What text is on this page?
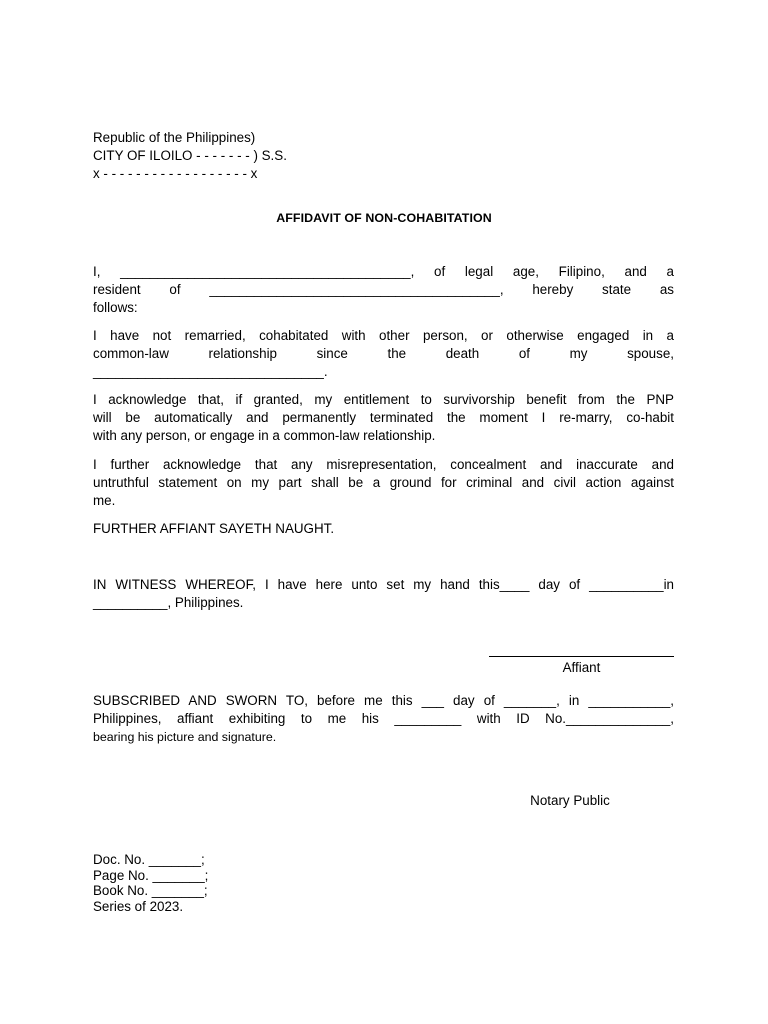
Republic of the Philippines)
CITY OF ILOILO - - - - - - - ) S.S.
x - - - - - - - - - - - - - - - - - - x
AFFIDAVIT OF NON-COHABITATION
I, _______________________________________, of legal age, Filipino, and a
resident of _______________________________________, hereby state as
follows:
I have not remarried, cohabitated with other person, or otherwise engaged in a
common-law relationship since the death of my spouse,
_______________________________.
I acknowledge that, if granted, my entitlement to survivorship benefit from the PNP
will be automatically and permanently terminated the moment I re-marry, co-habit
with any person, or engage in a common-law relationship.
I further acknowledge that any misrepresentation, concealment and inaccurate and
untruthful statement on my part shall be a ground for criminal and civil action against
me.
FURTHER AFFIANT SAYETH NAUGHT.
IN WITNESS WHEREOF, I have here unto set my hand this____ day of __________in
__________, Philippines.
Affiant
SUBSCRIBED AND SWORN TO, before me this ___ day of _______, in ___________,
Philippines, affiant exhibiting to me his _________ with ID No.______________,
bearing his picture and signature.
Notary Public
Doc. No. _______;
Page No. _______;
Book No. _______;
Series of 2023.
